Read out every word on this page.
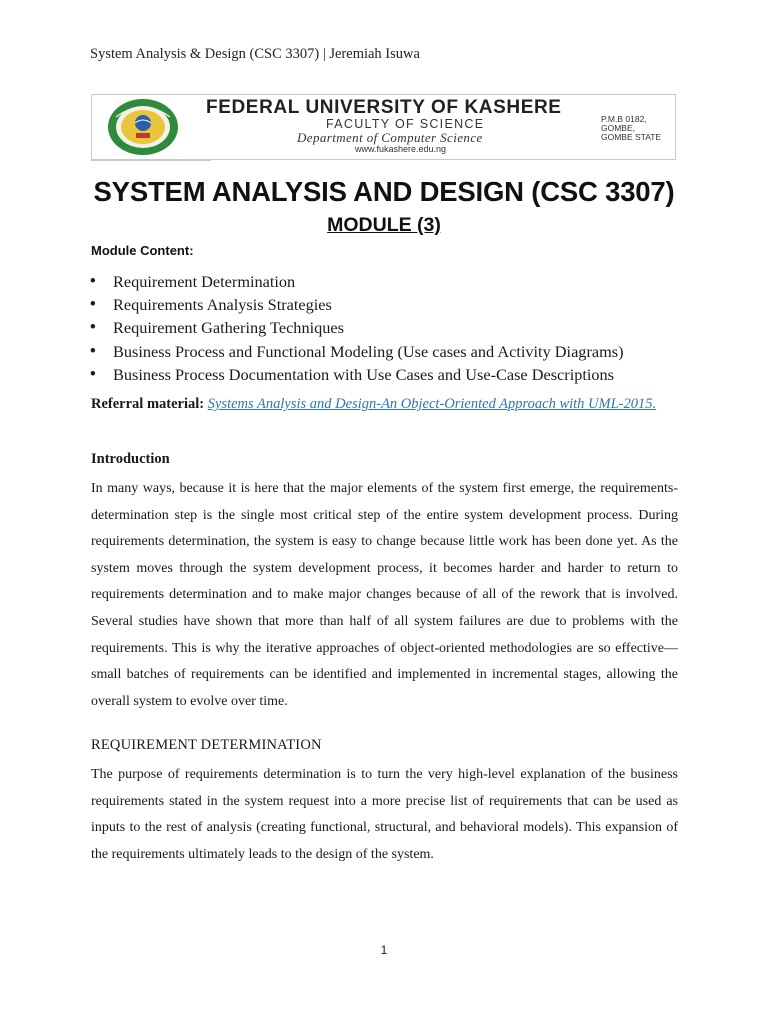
System Analysis & Design (CSC 3307) | Jeremiah Isuwa
FEDERAL UNIVERSITY OF KASHERE
FACULTY OF SCIENCE
Department of Computer Science
www.fukashere.edu.ng
P.M.B 0182,
GOMBE,
GOMBE STATE
SYSTEM ANALYSIS AND DESIGN (CSC 3307)
MODULE (3)
Module Content:
• Requirement Determination
• Requirements Analysis Strategies
• Requirement Gathering Techniques
• Business Process and Functional Modeling (Use cases and Activity Diagrams)
• Business Process Documentation with Use Cases and Use-Case Descriptions
Referral material: Systems Analysis and Design-An Object-Oriented Approach with UML-2015.
Introduction

In many ways, because it is here that the major elements of the system first emerge, the requirements-determination step is the single most critical step of the entire system development process. During requirements determination, the system is easy to change because little work has been done yet. As the system moves through the system development process, it becomes harder and harder to return to requirements determination and to make major changes because of all of the rework that is involved. Several studies have shown that more than half of all system failures are due to problems with the requirements. This is why the iterative approaches of object-oriented methodologies are so effective—small batches of requirements can be identified and implemented in incremental stages, allowing the overall system to evolve over time.

REQUIREMENT DETERMINATION

The purpose of requirements determination is to turn the very high-level explanation of the business requirements stated in the system request into a more precise list of requirements that can be used as inputs to the rest of analysis (creating functional, structural, and behavioral models). This expansion of the requirements ultimately leads to the design of the system.

1
